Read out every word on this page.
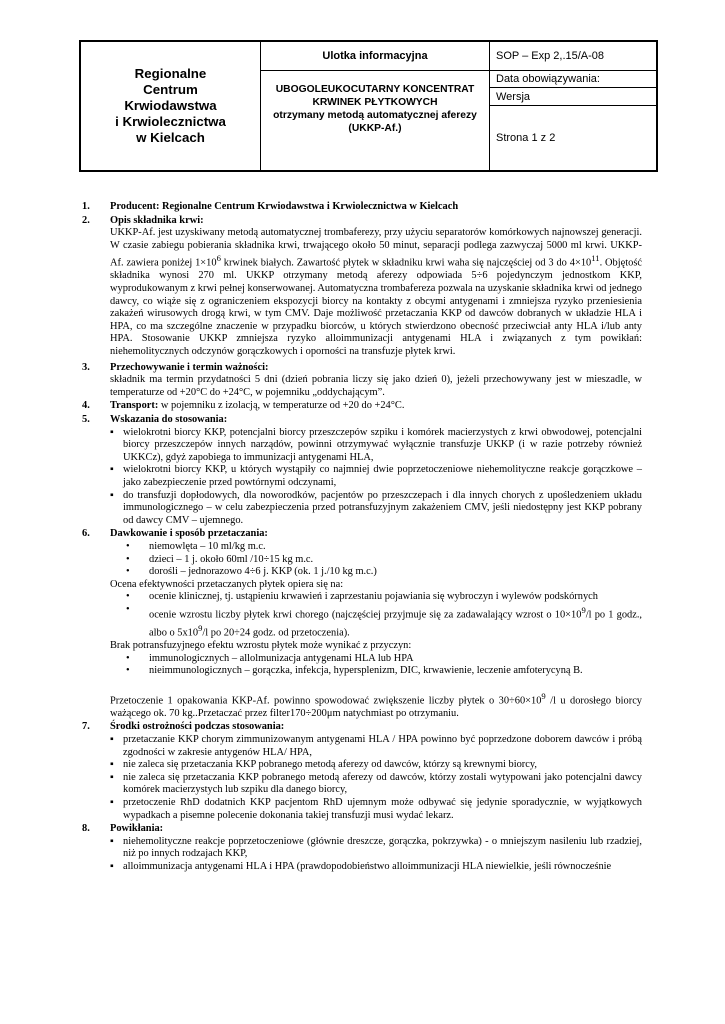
Regionalne
Centrum
Krwiodawstwa
i Krwiolecznictwa
w Kielcach
Ulotka informacyjna
UBOGOLEUKOCUTARNY KONCENTRAT
KRWINEK PŁYTKOWYCH
otrzymany metodą automatycznej aferezy
(UKKP-Af.)
SOP – Exp 2,.15/A-08
Data obowiązywania:
Wersja
Strona 1 z 2
1.	Producent: Regionalne Centrum Krwiodawstwa i Krwiolecznictwa w Kielcach
2.	Opis składnika krwi:
UKKP-Af. jest uzyskiwany metodą automatycznej trombaferezy, przy użyciu separatorów komórkowych najnowszej generacji. W czasie zabiegu pobierania składnika krwi, trwającego około 50 minut, separacji podlega zazwyczaj 5000 ml krwi. UKKP-Af. zawiera poniżej $1\times 10^6$ krwinek białych. Zawartość płytek w składniku krwi waha się najczęściej od 3 do $4\times 10^{11}$. Objętość składnika wynosi 270 ml. UKKP otrzymany metodą aferezy odpowiada 5÷6 pojedynczym jednostkom KKP, wyprodukowanym z krwi pełnej konserwowanej. Automatyczna trombafereza pozwala na uzyskanie składnika krwi od jednego dawcy, co wiąże się z ograniczeniem ekspozycji biorcy na kontakty z obcymi antygenami i zmniejsza ryzyko przeniesienia zakażeń wirusowych drogą krwi, w tym CMV. Daje możliwość przetaczania KKP od dawców dobranych w układzie HLA i HPA, co ma szczególne znaczenie w przypadku biorców, u których stwierdzono obecność przeciwciał anty HLA i/lub anty HPA. Stosowanie UKKP zmniejsza ryzyko alloimmunizacji antygenami HLA i związanych z tym powikłań: niehemolitycznych odczynów gorączkowych i oporności na transfuzje płytek krwi.
3.	Przechowywanie i termin ważności:
składnik ma termin przydatności 5 dni (dzień pobrania liczy się jako dzień 0), jeżeli przechowywany jest w mieszadle, w temperaturze od +20°C do +24°C, w pojemniku „oddychającym”.
4.	Transport: w pojemniku z izolacją, w temperaturze od +20 do +24°C.
5.	Wskazania do stosowania:
▪ wielokrotni biorcy KKP, potencjalni biorcy przeszczepów szpiku i komórek macierzystych z krwi obwodowej, potencjalni biorcy przeszczepów innych narządów, powinni otrzymywać wyłącznie transfuzje UKKP (i w razie potrzeby również UKKCz), gdyż zapobiega to immunizacji antygenami HLA,
▪ wielokrotni biorcy KKP, u których wystąpiły co najmniej dwie poprzetoczeniowe niehemolityczne reakcje gorączkowe – jako zabezpieczenie przed powtórnymi odczynami,
▪ do transfuzji dopłodowych, dla noworodków, pacjentów po przeszczepach i dla innych chorych z upośledzeniem układu immunologicznego – w celu zabezpieczenia przed potransfuzyjnym zakażeniem CMV, jeśli niedostępny jest KKP pobrany od dawcy CMV – ujemnego.
6.	Dawkowanie i sposób przetaczania:
• niemowlęta – 10 ml/kg m.c.
• dzieci – 1 j. około 60ml /10÷15 kg m.c.
• dorośli – jednorazowo 4÷6 j. KKP (ok. 1 j./10 kg m.c.)
Ocena efektywności przetaczanych płytek opiera się na:
• ocenie klinicznej, tj. ustąpieniu krwawień i zaprzestaniu pojawiania się wybroczyn i wylewów podskórnych
• ocenie wzrostu liczby płytek krwi chorego (najczęściej przyjmuje się za zadawalający wzrost o $10\times 10^9/l$ po 1 godz., albo o $5x10^9/l$ po 20÷24 godz. od przetoczenia).
Brak potransfuzyjnego efektu wzrostu płytek może wynikać z przyczyn:
• immunologicznych – allolmunizacja antygenami HLA lub HPA
• nieimmunologicznych – gorączka, infekcja, hypersplenizm, DIC, krwawienie, leczenie amfoterycyną B.
Przetoczenie 1 opakowania KKP-Af. powinno spowodować zwiększenie liczby płytek o $30\div 60\times 10^9$ /l u dorosłego biorcy ważącego ok. 70 kg..Przetaczać przez filter170÷200μm natychmiast po otrzymaniu.
7.	Środki ostrożności podczas stosowania:
▪ przetaczanie KKP chorym zimmunizowanym antygenami HLA / HPA powinno być poprzedzone doborem dawców i próbą zgodności w zakresie antygenów HLA/ HPA,
▪ nie zaleca się przetaczania KKP pobranego metodą aferezy od dawców, którzy są krewnymi biorcy,
▪ nie zaleca się przetaczania KKP pobranego metodą aferezy od dawców, którzy zostali wytypowani jako potencjalni dawcy komórek macierzystych lub szpiku dla danego biorcy,
▪ przetoczenie RhD dodatnich KKP pacjentom RhD ujemnym może odbywać się jedynie sporadycznie, w wyjątkowych wypadkach a pisemne polecenie dokonania takiej transfuzji musi wydać lekarz.
8.	Powikłania:
▪ niehemolityczne reakcje poprzetoczeniowe (głównie dreszcze, gorączka, pokrzywka) - o mniejszym nasileniu lub rzadziej, niż po innych rodzajach KKP,
▪ alloimmunizacja antygenami HLA i HPA (prawdopodobieństwo alloimmunizacji HLA niewielkie, jeśli równocześnie
